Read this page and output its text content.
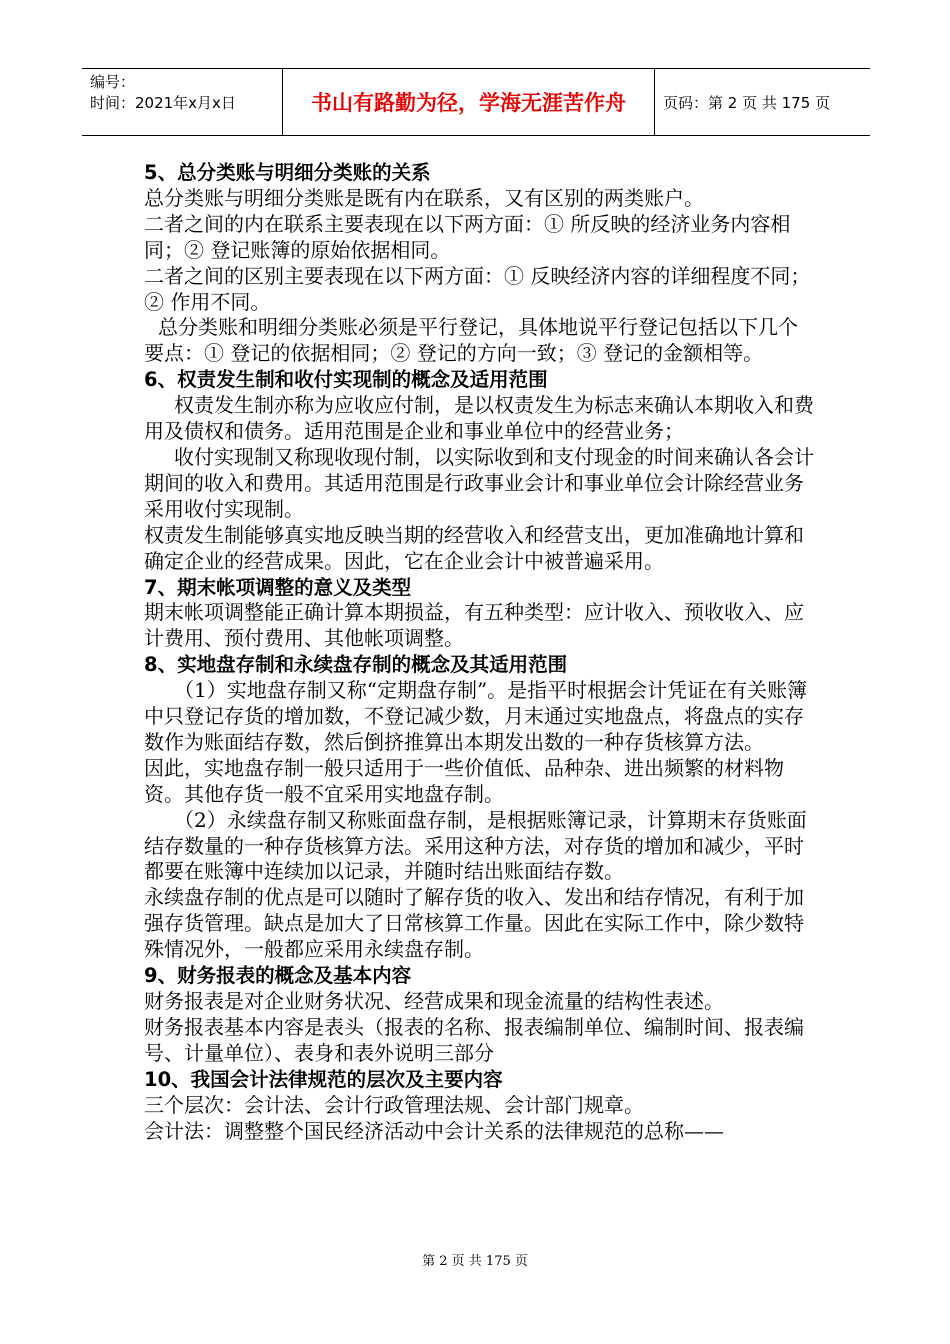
编号：
时间：2021年x月x日	书山有路勤为径，学海无涯苦作舟	页码：第 2 页 共 175 页

5、总分类账与明细分类账的关系

总分类账与明细分类账是既有内在联系，又有区别的两类账户。

二者之间的内在联系主要表现在以下两方面：① 所反映的经济业务内容相同；② 登记账簿的原始依据相同。

二者之间的区别主要表现在以下两方面：① 反映经济内容的详细程度不同；② 作用不同。

总分类账和明细分类账必须是平行登记，具体地说平行登记包括以下几个要点：① 登记的依据相同；② 登记的方向一致；③ 登记的金额相等。

6、权责发生制和收付实现制的概念及适用范围

权责发生制亦称为应收应付制，是以权责发生为标志来确认本期收入和费用及债权和债务。适用范围是企业和事业单位中的经营业务；

收付实现制又称现收现付制，以实际收到和支付现金的时间来确认各会计期间的收入和费用。其适用范围是行政事业会计和事业单位会计除经营业务采用收付实现制。

权责发生制能够真实地反映当期的经营收入和经营支出，更加准确地计算和确定企业的经营成果。因此，它在企业会计中被普遍采用。

7、期末帐项调整的意义及类型

期末帐项调整能正确计算本期损益，有五种类型：应计收入、预收收入、应计费用、预付费用、其他帐项调整。

8、实地盘存制和永续盘存制的概念及其适用范围

（1）实地盘存制又称“定期盘存制”。是指平时根据会计凭证在有关账簿中只登记存货的增加数，不登记减少数，月末通过实地盘点，将盘点的实存数作为账面结存数，然后倒挤推算出本期发出数的一种存货核算方法。

因此，实地盘存制一般只适用于一些价值低、品种杂、进出频繁的材料物资。其他存货一般不宜采用实地盘存制。

（2）永续盘存制又称账面盘存制，是根据账簿记录，计算期末存货账面结存数量的一种存货核算方法。采用这种方法，对存货的增加和减少，平时都要在账簿中连续加以记录，并随时结出账面结存数。

永续盘存制的优点是可以随时了解存货的收入、发出和结存情况，有利于加强存货管理。缺点是加大了日常核算工作量。因此在实际工作中，除少数特殊情况外，一般都应采用永续盘存制。

9、财务报表的概念及基本内容

财务报表是对企业财务状况、经营成果和现金流量的结构性表述。

财务报表基本内容是表头（报表的名称、报表编制单位、编制时间、报表编号、计量单位）、表身和表外说明三部分

10、我国会计法律规范的层次及主要内容

三个层次：会计法、会计行政管理法规、会计部门规章。

会计法：调整整个国民经济活动中会计关系的法律规范的总称——

第 2 页 共 175 页
